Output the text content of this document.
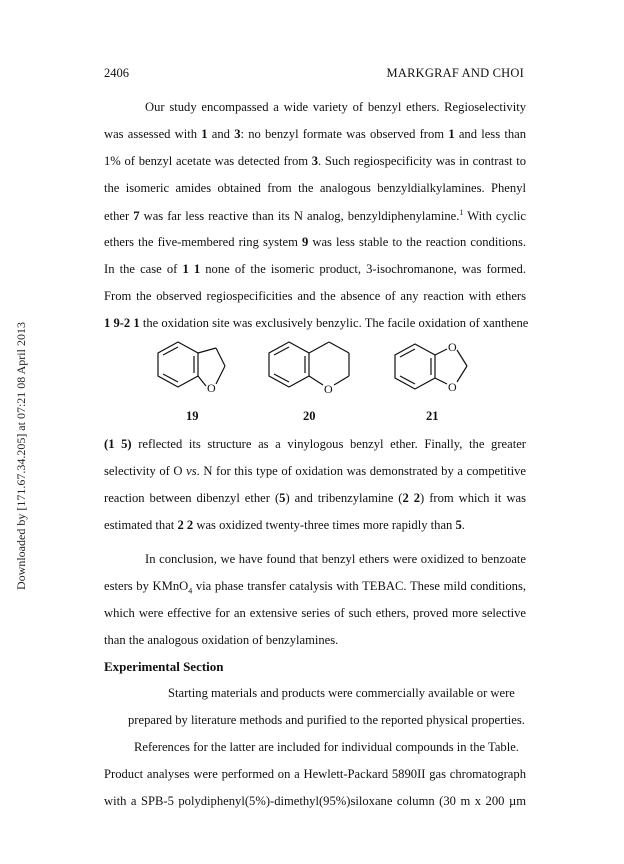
2406	MARKGRAF AND CHOI
Downloaded by [171.67.34.205] at 07:21 08 April 2013
Our study encompassed a wide variety of benzyl ethers. Regioselectivity
was assessed with 1 and 3: no benzyl formate was observed from 1 and less than
1% of benzyl acetate was detected from 3. Such regiospecificity was in contrast to
the isomeric amides obtained from the analogous benzyldialkylamines. Phenyl
ether 7 was far less reactive than its N analog, benzyldiphenylamine.$^1$ With cyclic
ethers the five-membered ring system 9 was less stable to the reaction conditions.
In the case of 1 1 none of the isomeric product, 3-isochromanone, was formed.
From the observed regiospecificities and the absence of any reaction with ethers
1 9-2 1 the oxidation site was exclusively benzylic. The facile oxidation of xanthene
O	O
O
O
19	20	21
(1 5) reflected its structure as a vinylogous benzyl ether. Finally, the greater
selectivity of O vs. N for this type of oxidation was demonstrated by a competitive
reaction between dibenzyl ether (5) and tribenzylamine (2 2) from which it was
estimated that 2 2 was oxidized twenty-three times more rapidly than 5.
In conclusion, we have found that benzyl ethers were oxidized to benzoate
esters by KMnO$_4$ via phase transfer catalysis with TEBAC. These mild conditions,
which were effective for an extensive series of such ethers, proved more selective
than the analogous oxidation of benzylamines.
Experimental Section
Starting materials and products were commercially available or were
prepared by literature methods and purified to the reported physical properties.
References for the latter are included for individual compounds in the Table.
Product analyses were performed on a Hewlett-Packard 5890II gas chromatograph
with a SPB-5 polydiphenyl(5%)-dimethyl(95%)siloxane column (30 m x 200 µm
